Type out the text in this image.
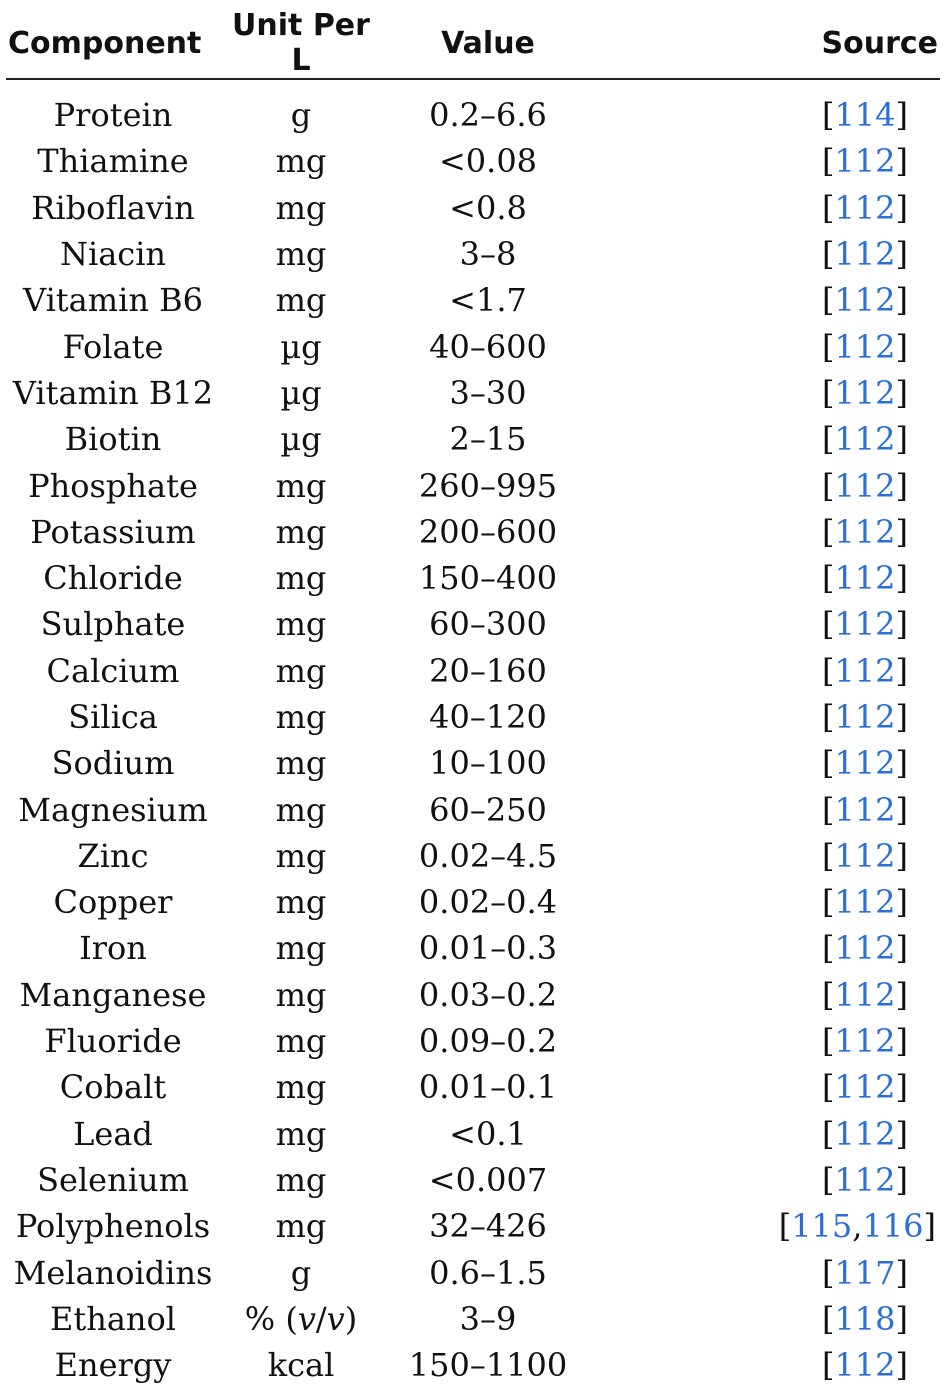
Component	Unit Per L	Value	Source
Protein	g	0.2–6.6	[114]
Thiamine	mg	<0.08	[112]
Riboflavin	mg	<0.8	[112]
Niacin	mg	3–8	[112]
Vitamin B6	mg	<1.7	[112]
Folate	µg	40–600	[112]
Vitamin B12	µg	3–30	[112]
Biotin	µg	2–15	[112]
Phosphate	mg	260–995	[112]
Potassium	mg	200–600	[112]
Chloride	mg	150–400	[112]
Sulphate	mg	60–300	[112]
Calcium	mg	20–160	[112]
Silica	mg	40–120	[112]
Sodium	mg	10–100	[112]
Magnesium	mg	60–250	[112]
Zinc	mg	0.02–4.5	[112]
Copper	mg	0.02–0.4	[112]
Iron	mg	0.01–0.3	[112]
Manganese	mg	0.03–0.2	[112]
Fluoride	mg	0.09–0.2	[112]
Cobalt	mg	0.01–0.1	[112]
Lead	mg	<0.1	[112]
Selenium	mg	<0.007	[112]
Polyphenols	mg	32–426	[115,116]
Melanoidins	g	0.6–1.5	[117]
Ethanol	% (v/v)	3–9	[118]
Energy	kcal	150–1100	[112]
